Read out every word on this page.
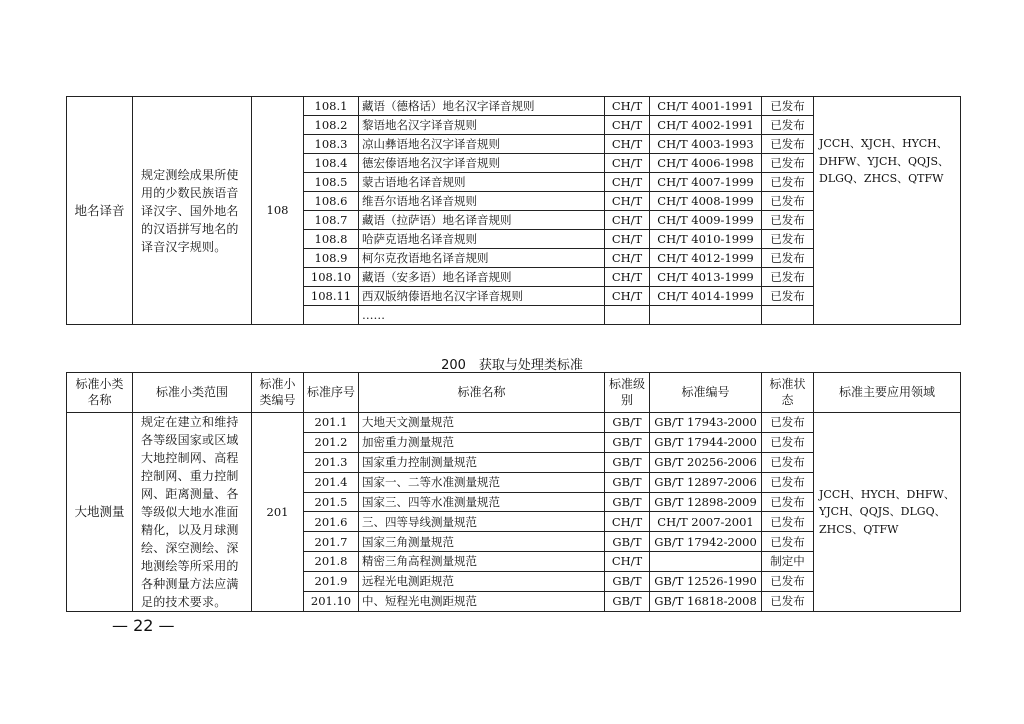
地名译音	规定测绘成果所使用的少数民族语音译汉字、国外地名的汉语拼写地名的译音汉字规则。	108	108.1	藏语（德格话）地名汉字译音规则	CH/T	CH/T 4001-1991	已发布	JCCH、XJCH、HYCH、DHFW、YJCH、QQJS、DLGQ、ZHCS、QTFW
			108.2	黎语地名汉字译音规则	CH/T	CH/T 4002-1991	已发布	
			108.3	凉山彝语地名汉字译音规则	CH/T	CH/T 4003-1993	已发布	
			108.4	德宏傣语地名汉字译音规则	CH/T	CH/T 4006-1998	已发布	
			108.5	蒙古语地名译音规则	CH/T	CH/T 4007-1999	已发布	
			108.6	维吾尔语地名译音规则	CH/T	CH/T 4008-1999	已发布	
			108.7	藏语（拉萨语）地名译音规则	CH/T	CH/T 4009-1999	已发布	
			108.8	哈萨克语地名译音规则	CH/T	CH/T 4010-1999	已发布	
			108.9	柯尔克孜语地名译音规则	CH/T	CH/T 4012-1999	已发布	
			108.10	藏语（安多语）地名译音规则	CH/T	CH/T 4013-1999	已发布	
			108.11	西双版纳傣语地名汉字译音规则	CH/T	CH/T 4014-1999	已发布	
				……				
200　获取与处理类标准
标准小类名称	标准小类范围	标准小类编号	标准序号	标准名称	标准级别	标准编号	标准状态	标准主要应用领域
大地测量	规定在建立和维持各等级国家或区域大地控制网、高程控制网、重力控制网、距离测量、各等级似大地水准面精化，以及月球测绘、深空测绘、深地测绘等所采用的各种测量方法应满足的技术要求。	201	201.1	大地天文测量规范	GB/T	GB/T 17943-2000	已发布	JCCH、HYCH、DHFW、YJCH、QQJS、DLGQ、ZHCS、QTFW
			201.2	加密重力测量规范	GB/T	GB/T 17944-2000	已发布	
			201.3	国家重力控制测量规范	GB/T	GB/T 20256-2006	已发布	
			201.4	国家一、二等水准测量规范	GB/T	GB/T 12897-2006	已发布	
			201.5	国家三、四等水准测量规范	GB/T	GB/T 12898-2009	已发布	
			201.6	三、四等导线测量规范	CH/T	CH/T 2007-2001	已发布	
			201.7	国家三角测量规范	GB/T	GB/T 17942-2000	已发布	
			201.8	精密三角高程测量规范	CH/T		制定中	
			201.9	远程光电测距规范	GB/T	GB/T 12526-1990	已发布	
			201.10	中、短程光电测距规范	GB/T	GB/T 16818-2008	已发布	
— 22 —
